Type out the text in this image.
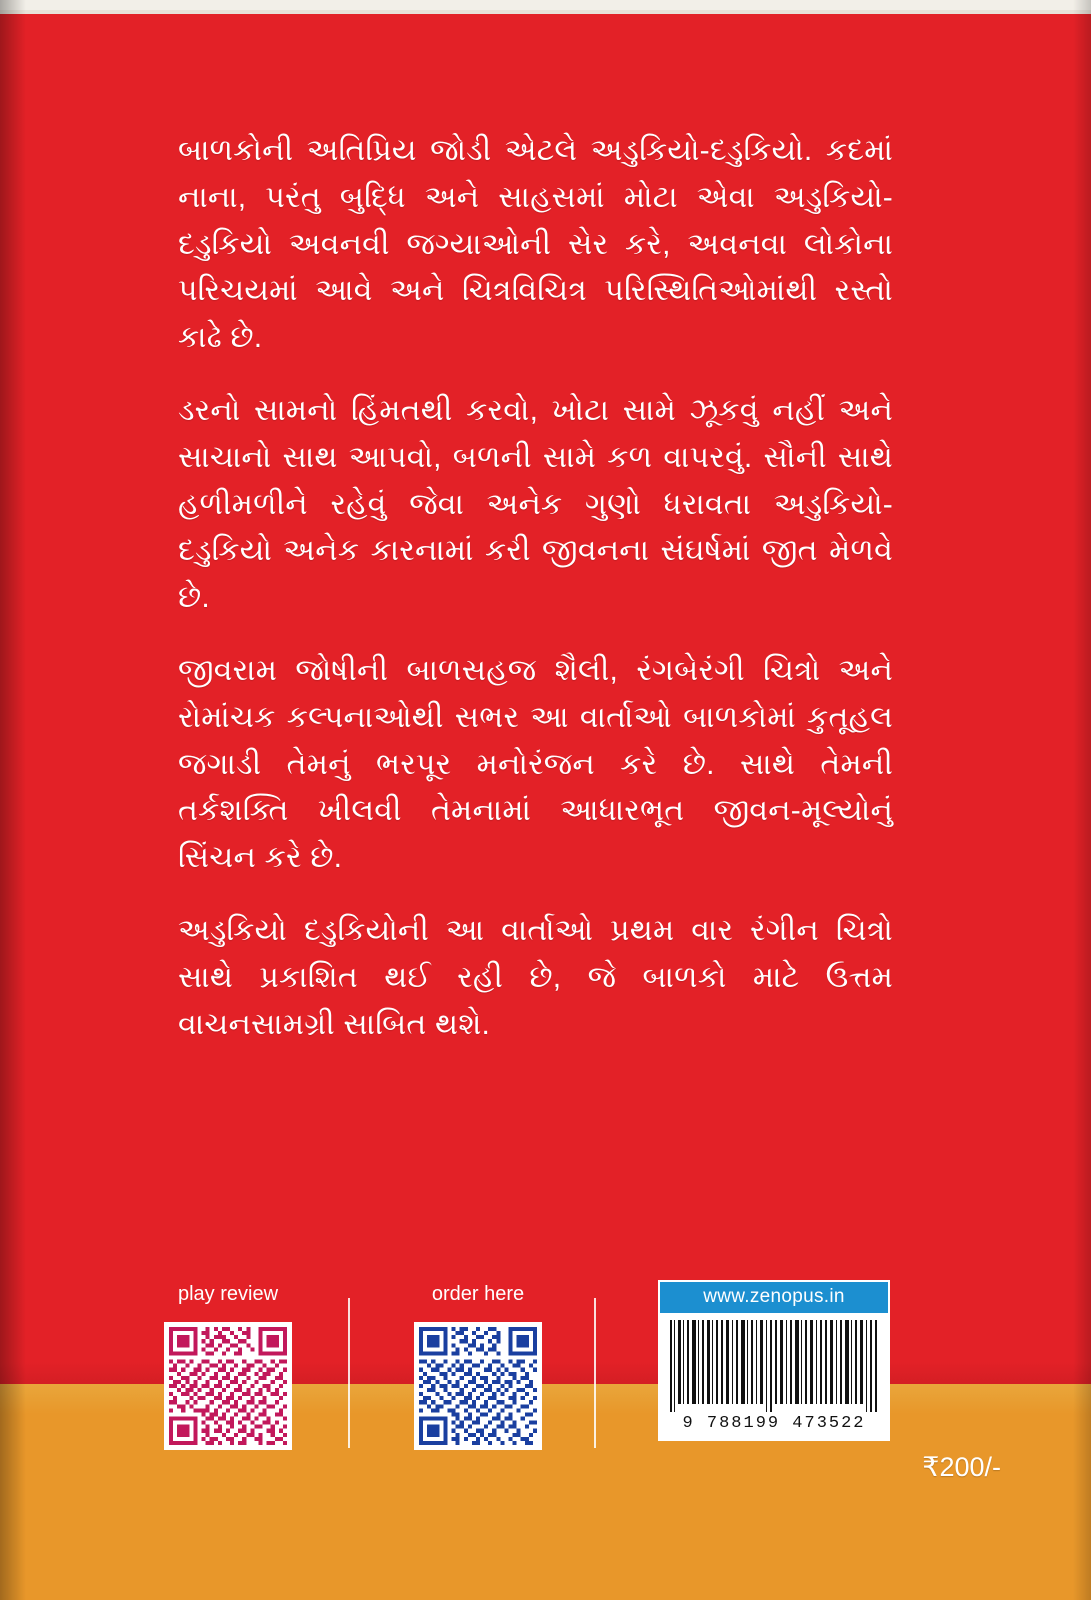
બાળકોની અતિપ્રિય જોડી એટલે અડુકિયો-દડુકિયો. કદમાં નાના, પરંતુ બુદ્ધિ અને સાહસમાં મોટા એવા અડુકિયો-દડુકિયો અવનવી જગ્યાઓની સેર કરે, અવનવા લોકોના પરિચયમાં આવે અને ચિત્રવિચિત્ર પરિસ્થિતિઓમાંથી રસ્તો કાઢે છે.

ડરનો સામનો હિંમતથી કરવો, ખોટા સામે ઝૂકવું નહીં અને સાચાનો સાથ આપવો, બળની સામે કળ વાપરવું. સૌની સાથે હળીમળીને રહેવું જેવા અનેક ગુણો ધરાવતા અડુકિયો-દડુકિયો અનેક કારનામાં કરી જીવનના સંઘર્ષમાં જીત મેળવે છે.

જીવરામ જોષીની બાળસહજ શૈલી, રંગબેરંગી ચિત્રો અને રોમાંચક કલ્પનાઓથી સભર આ વાર્તાઓ બાળકોમાં કુતૂહલ જગાડી તેમનું ભરપૂર મનોરંજન કરે છે. સાથે તેમની તર્કશક્તિ ખીલવી તેમનામાં આધારભૂત જીવન-મૂલ્યોનું સિંચન કરે છે.

અડુકિયો દડુકિયોની આ વાર્તાઓ પ્રથમ વાર રંગીન ચિત્રો સાથે પ્રકાશિત થઈ રહી છે, જે બાળકો માટે ઉત્તમ વાચનસામગ્રી સાબિત થશે.

play review	order here	www.zenopus.in
9 788199 473522
₹200/-
